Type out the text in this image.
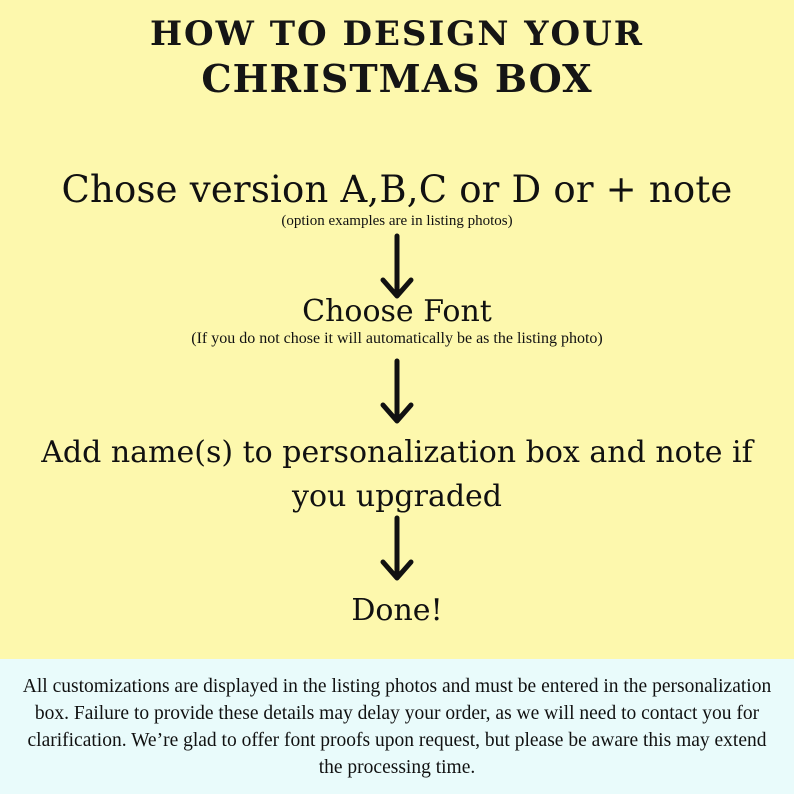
HOW TO DESIGN YOUR
CHRISTMAS BOX
Chose version A,B,C or D or + note
(option examples are in listing photos)
Choose Font
(If you do not chose it will automatically be as the listing photo)
Add name(s) to personalization box and note if you upgraded
Done!
All customizations are displayed in the listing photos and must be entered in the personalization box. Failure to provide these details may delay your order, as we will need to contact you for clarification. We’re glad to offer font proofs upon request, but please be aware this may extend the processing time.
